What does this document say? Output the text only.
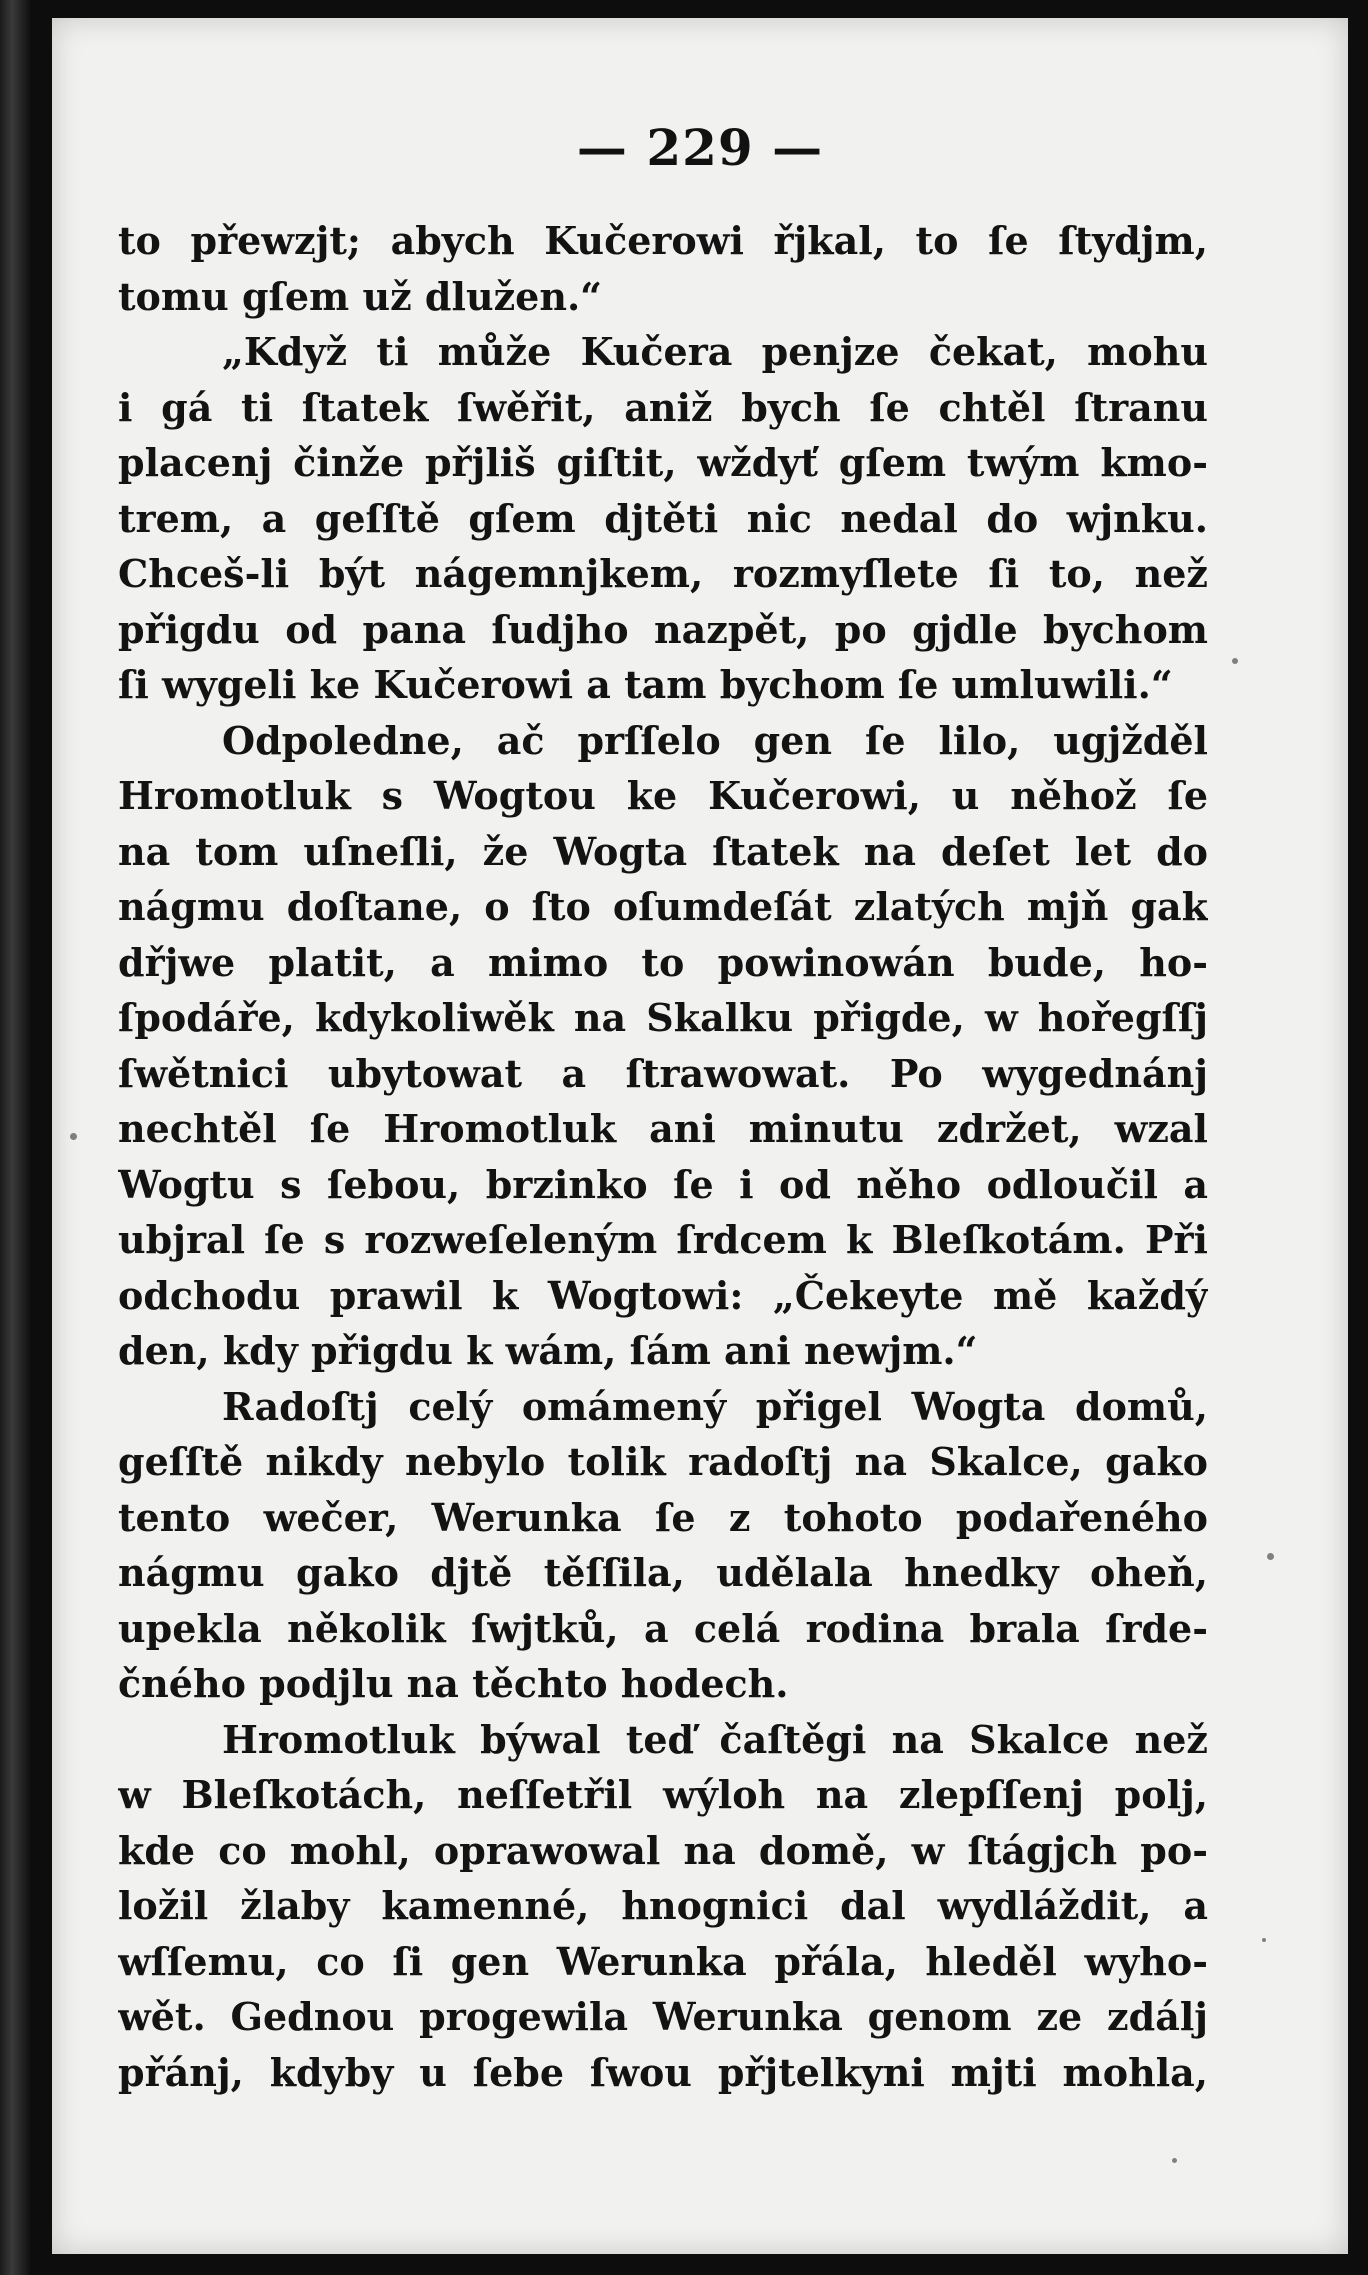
— 229 —
to přewzjt; abych Kučerowi řjkal, to ſe ſtydjm,
tomu gſem už dlužen.“
„Když ti může Kučera penjze čekat, mohu
i gá ti ſtatek ſwěřit, aniž bych ſe chtěl ſtranu
placenj činže přjliš giſtit, wždyť gſem twým kmo-
trem, a geſſtě gſem djtěti nic nedal do wjnku.
Chceš-li být nágemnjkem, rozmyſlete ſi to, než
přigdu od pana ſudjho nazpět, po gjdle bychom
ſi wygeli ke Kučerowi a tam bychom ſe umluwili.“
Odpoledne, ač prſſelo gen ſe lilo, ugjžděl
Hromotluk s Wogtou ke Kučerowi, u něhož ſe
na tom uſneſli, že Wogta ſtatek na deſet let do
nágmu doſtane, o ſto oſumdeſát zlatých mjň gak
dřjwe platit, a mimo to powinowán bude, ho-
ſpodáře, kdykoliwěk na Skalku přigde, w hořegſſj
ſwětnici ubytowat a ſtrawowat. Po wygednánj
nechtěl ſe Hromotluk ani minutu zdržet, wzal
Wogtu s ſebou, brzinko ſe i od něho odloučil a
ubjral ſe s rozweſeleným ſrdcem k Bleſkotám. Při
odchodu prawil k Wogtowi: „Čekeyte mě každý
den, kdy přigdu k wám, ſám ani newjm.“
Radoſtj celý omámený přigel Wogta domů,
geſſtě nikdy nebylo tolik radoſtj na Skalce, gako
tento wečer, Werunka ſe z tohoto podařeného
nágmu gako djtě těſſila, udělala hnedky oheň,
upekla několik ſwjtků, a celá rodina brala ſrde-
čného podjlu na těchto hodech.
Hromotluk býwal teď čaſtěgi na Skalce než
w Bleſkotách, neſſetřil wýloh na zlepſſenj polj,
kde co mohl, oprawowal na domě, w ſtágjch po-
ložil žlaby kamenné, hnognici dal wydláždit, a
wſſemu, co ſi gen Werunka přála, hleděl wyho-
wět. Gednou progewila Werunka genom ze zdálj
přánj, kdyby u ſebe ſwou přjtelkyni mjti mohla,
